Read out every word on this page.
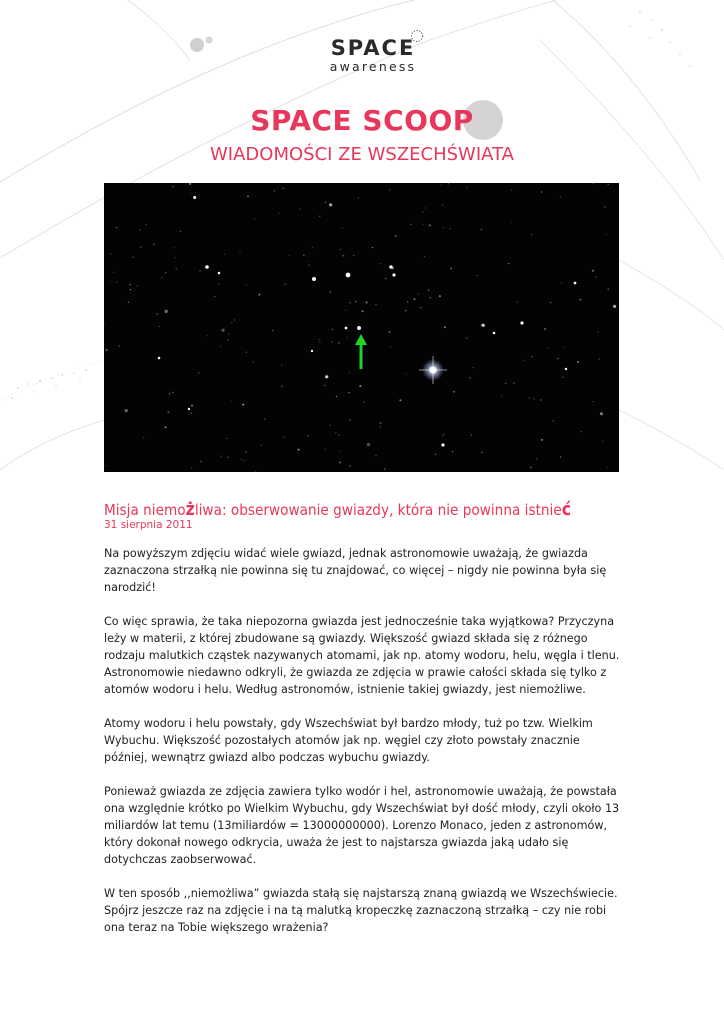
SPACE
awareness
SPACE SCOOP
WIADOMOŚCI ZE WSZECHŚWIATA
Misja niemożliwa: obserwowanie gwiazdy, która nie powinna istnieć
31 sierpnia 2011

Na powyższym zdjęciu widać wiele gwiazd, jednak astronomowie uważają, że gwiazda zaznaczona strzałką nie powinna się tu znajdować, co więcej – nigdy nie powinna była się narodzić!

Co więc sprawia, że taka niepozorna gwiazda jest jednocześnie taka wyjątkowa? Przyczyna leży w materii, z której zbudowane są gwiazdy. Większość gwiazd składa się z różnego rodzaju malutkich cząstek nazywanych atomami, jak np. atomy wodoru, helu, węgla i tlenu. Astronomowie niedawno odkryli, że gwiazda ze zdjęcia w prawie całości składa się tylko z atomów wodoru i helu. Według astronomów, istnienie takiej gwiazdy, jest niemożliwe.

Atomy wodoru i helu powstały, gdy Wszechświat był bardzo młody, tuż po tzw. Wielkim Wybuchu. Większość pozostałych atomów jak np. węgiel czy złoto powstały znacznie później, wewnątrz gwiazd albo podczas wybuchu gwiazdy.

Ponieważ gwiazda ze zdjęcia zawiera tylko wodór i hel, astronomowie uważają, że powstała ona względnie krótko po Wielkim Wybuchu, gdy Wszechświat był dość młody, czyli około 13 miliardów lat temu (13miliardów = 13000000000). Lorenzo Monaco, jeden z astronomów, który dokonał nowego odkrycia, uważa że jest to najstarsza gwiazda jaką udało się dotychczas zaobserwować.

W ten sposób ,,niemożliwa” gwiazda stałą się najstarszą znaną gwiazdą we Wszechświecie. Spójrz jeszcze raz na zdjęcie i na tą malutką kropeczkę zaznaczoną strzałką – czy nie robi ona teraz na Tobie większego wrażenia?
